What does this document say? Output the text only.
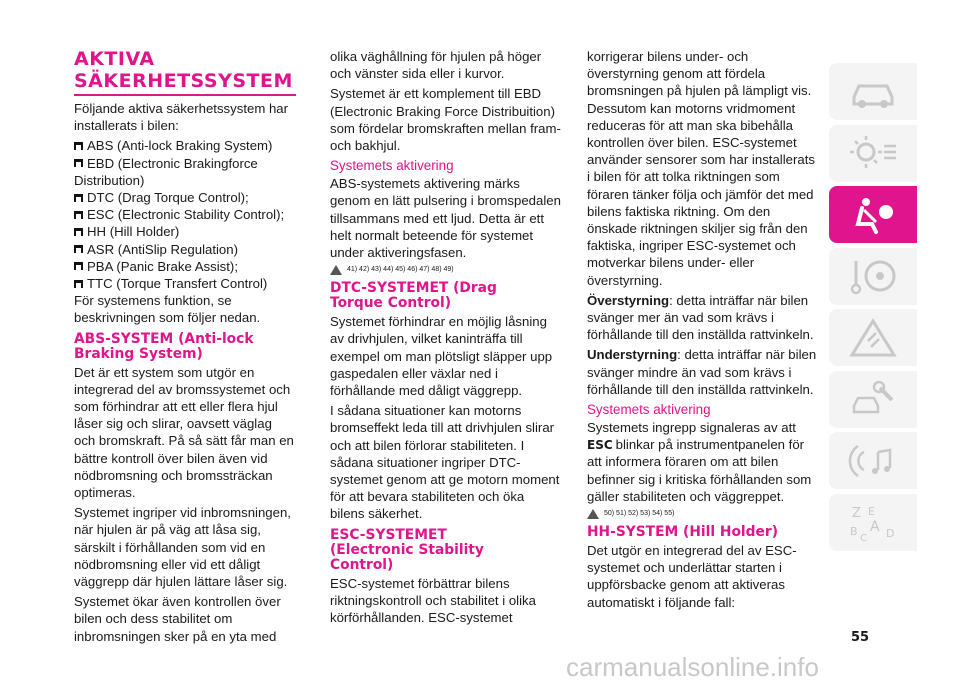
AKTIVA
SÄKERHETSSYSTEM

Följande aktiva säkerhetssystem har installerats i bilen:

ABS (Anti-lock Braking System)
EBD (Electronic Brakingforce
Distribution)
DTC (Drag Torque Control);
ESC (Electronic Stability Control);
HH (Hill Holder)
ASR (AntiSlip Regulation)
PBA (Panic Brake Assist);
TTC (Torque Transfert Control)

För systemens funktion, se beskrivningen som följer nedan.

ABS-SYSTEM (Anti-lock
Braking System)

Det är ett system som utgör en integrerad del av bromssystemet och som förhindrar att ett eller flera hjul låser sig och slirar, oavsett väglag och bromskraft. På så sätt får man en bättre kontroll över bilen även vid nödbromsning och bromssträckan optimeras.

Systemet ingriper vid inbromsningen, när hjulen är på väg att låsa sig, särskilt i förhållanden som vid en nödbromsning eller vid ett dåligt väggrepp där hjulen lättare låser sig.

Systemet ökar även kontrollen över bilen och dess stabilitet om inbromsningen sker på en yta med

olika väghållning för hjulen på höger och vänster sida eller i kurvor.

Systemet är ett komplement till EBD (Electronic Braking Force Distribuition) som fördelar bromskraften mellan fram- och bakhjul.

Systemets aktivering

ABS-systemets aktivering märks genom en lätt pulsering i bromspedalen tillsammans med ett ljud. Detta är ett helt normalt beteende för systemet under aktiveringsfasen.

41) 42) 43) 44) 45) 46) 47) 48) 49)
DTC-SYSTEMET (Drag
Torque Control)

Systemet förhindrar en möjlig låsning av drivhjulen, vilket kaninträffa till exempel om man plötsligt släpper upp gaspedalen eller växlar ned i förhållande med dåligt väggrepp.

I sådana situationer kan motorns bromseffekt leda till att drivhjulen slirar och att bilen förlorar stabiliteten. I sådana situationer ingriper DTC-systemet genom att ge motorn moment för att bevara stabiliteten och öka bilens säkerhet.

ESC-SYSTEMET
(Electronic Stability
Control)

ESC-systemet förbättrar bilens riktningskontroll och stabilitet i olika körförhållanden. ESC-systemet

korrigerar bilens under- och överstyrning genom att fördela bromsningen på hjulen på lämpligt vis. Dessutom kan motorns vridmoment reduceras för att man ska bibehålla kontrollen över bilen. ESC-systemet använder sensorer som har installerats i bilen för att tolka riktningen som föraren tänker följa och jämför det med bilens faktiska riktning. Om den önskade riktningen skiljer sig från den faktiska, ingriper ESC-systemet och motverkar bilens under- eller överstyrning.

Överstyrning: detta inträffar när bilen svänger mer än vad som krävs i förhållande till den inställda rattvinkeln.

Understyrning: detta inträffar när bilen svänger mindre än vad som krävs i förhållande till den inställda rattvinkeln.

Systemets aktivering

Systemets ingrepp signaleras av att
ESC blinkar på instrumentpanelen för att informera föraren om att bilen befinner sig i kritiska förhållanden som gäller stabiliteten och väggreppet.

50) 51) 52) 53) 54) 55)
HH-SYSTEM (Hill Holder)

Det utgör en integrerad del av ESC-systemet och underlättar starten i uppförsbacke genom att aktiveras automatiskt i följande fall:

Z E
B A
C D
55
carmanualsonline.info
